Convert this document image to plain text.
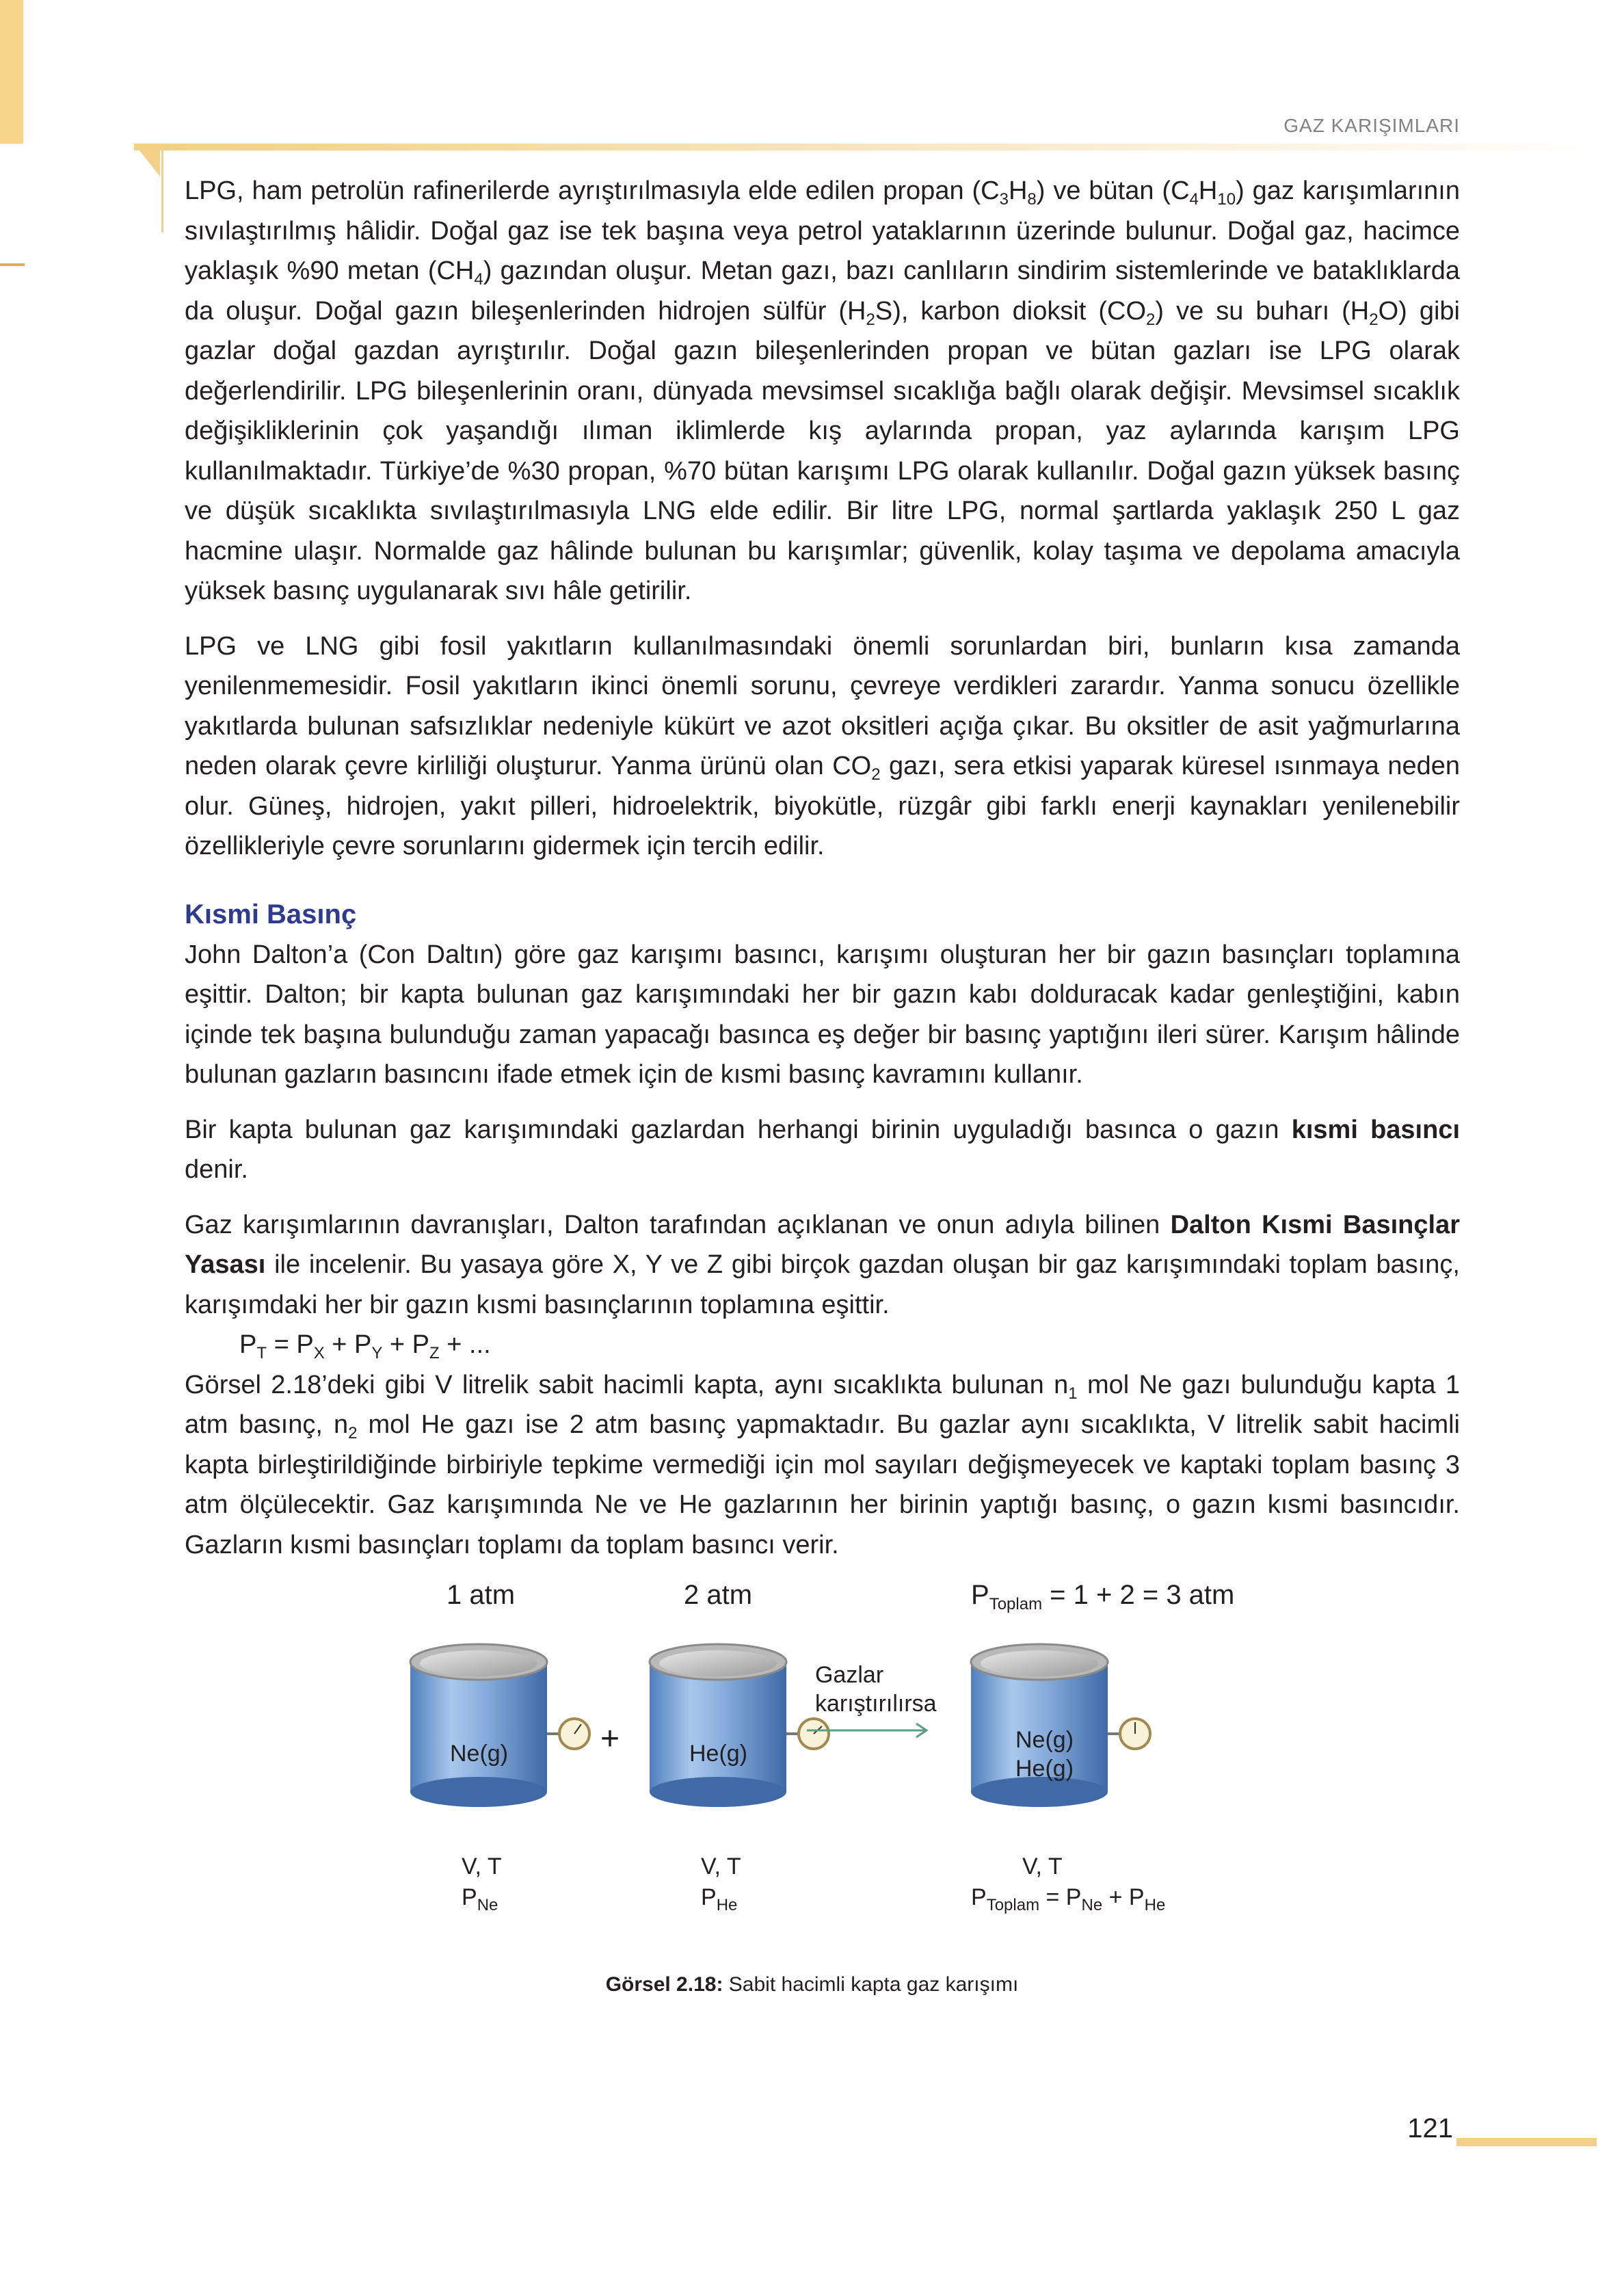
GAZ KARIŞIMLARI

LPG, ham petrolün rafinerilerde ayrıştırılmasıyla elde edilen propan $(C_3H_8)$ ve bütan $(C_4H_{10})$ gaz karışımlarının sıvılaştırılmış hâlidir. Doğal gaz ise tek başına veya petrol yataklarının üzerinde bulunur. Doğal gaz, hacimce yaklaşık %90 metan $(CH_4)$ gazından oluşur. Metan gazı, bazı canlıların sindirim sistemlerinde ve bataklıklarda da oluşur. Doğal gazın bileşenlerinden hidrojen sülfür $(H_2S)$, karbon dioksit $(CO_2)$ ve su buharı $(H_2O)$ gibi gazlar doğal gazdan ayrıştırılır. Doğal gazın bileşenlerinden propan ve bütan gazları ise LPG olarak değerlendirilir. LPG bileşenlerinin oranı, dünyada mevsimsel sıcaklığa bağlı olarak değişir. Mevsimsel sıcaklık değişikliklerinin çok yaşandığı ılıman iklimlerde kış aylarında propan, yaz aylarında karışım LPG kullanılmaktadır. Türkiye’de %30 propan, %70 bütan karışımı LPG olarak kullanılır. Doğal gazın yüksek basınç ve düşük sıcaklıkta sıvılaştırılmasıyla LNG elde edilir. Bir litre LPG, normal şartlarda yaklaşık 250 L gaz hacmine ulaşır. Normalde gaz hâlinde bulunan bu karışımlar; güvenlik, kolay taşıma ve depolama amacıyla yüksek basınç uygulanarak sıvı hâle getirilir.

LPG ve LNG gibi fosil yakıtların kullanılmasındaki önemli sorunlardan biri, bunların kısa zamanda yenilenmemesidir. Fosil yakıtların ikinci önemli sorunu, çevreye verdikleri zarardır. Yanma sonucu özellikle yakıtlarda bulunan safsızlıklar nedeniyle kükürt ve azot oksitleri açığa çıkar. Bu oksitler de asit yağmurlarına neden olarak çevre kirliliği oluşturur. Yanma ürünü olan $CO_2$ gazı, sera etkisi yaparak küresel ısınmaya neden olur. Güneş, hidrojen, yakıt pilleri, hidroelektrik, biyokütle, rüzgâr gibi farklı enerji kaynakları yenilenebilir özellikleriyle çevre sorunlarını gidermek için tercih edilir.

Kısmi Basınç

John Dalton’a (Con Daltın) göre gaz karışımı basıncı, karışımı oluşturan her bir gazın basınçları toplamına eşittir. Dalton; bir kapta bulunan gaz karışımındaki her bir gazın kabı dolduracak kadar genleştiğini, kabın içinde tek başına bulunduğu zaman yapacağı basınca eş değer bir basınç yaptığını ileri sürer. Karışım hâlinde bulunan gazların basıncını ifade etmek için de kısmi basınç kavramını kullanır.

Bir kapta bulunan gaz karışımındaki gazlardan herhangi birinin uyguladığı basınca o gazın kısmi basıncı denir.

Gaz karışımlarının davranışları, Dalton tarafından açıklanan ve onun adıyla bilinen Dalton Kısmi Basınçlar Yasası ile incelenir. Bu yasaya göre X, Y ve Z gibi birçok gazdan oluşan bir gaz karışımındaki toplam basınç, karışımdaki her bir gazın kısmi basınçlarının toplamına eşittir.

$P_T = P_X + P_Y + P_Z$ + ...

Görsel 2.18’deki gibi V litrelik sabit hacimli kapta, aynı sıcaklıkta bulunan $n_1$ mol Ne gazı bulunduğu kapta 1 atm basınç, $n_2$ mol He gazı ise 2 atm basınç yapmaktadır. Bu gazlar aynı sıcaklıkta, V litrelik sabit hacimli kapta birleştirildiğinde birbiriyle tepkime vermediği için mol sayıları değişmeyecek ve kaptaki toplam basınç 3 atm ölçülecektir. Gaz karışımında Ne ve He gazlarının her birinin yaptığı basınç, o gazın kısmi basıncıdır. Gazların kısmi basınçları toplamı da toplam basıncı verir.

1 atm	2 atm	$P_{Toplam} = 1 + 2 = 3$ atm
Ne(g)	He(g)
Ne(g)
He(g)
+
Gazlar
karıştırılırsa
V, T
$P_{Ne}$
V, T
$P_{He}$
V, T
$P_{Toplam} = P_{Ne} + P_{He}$
Görsel 2.18: Sabit hacimli kapta gaz karışımı
121
